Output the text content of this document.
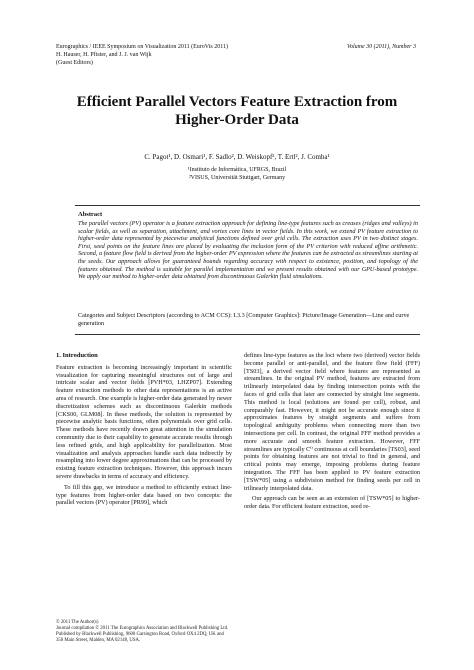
Eurographics / IEEE Symposium on Visualization 2011 (EuroVis 2011)
H. Hauser, H. Pfister, and J. J. van Wijk
(Guest Editors)
Volume 30 (2011), Number 3
Efficient Parallel Vectors Feature Extraction from
Higher-Order Data
C. Pagot¹, D. Osmari¹, F. Sadlo², D. Weiskopf², T. Ertl², J. Comba¹
¹Instituto de Informática, UFRGS, Brazil
²VISUS, Universität Stuttgart, Germany
Abstract
The parallel vectors (PV) operator is a feature extraction approach for defining line-type features such as creases (ridges and valleys) in scalar fields, as well as separation, attachment, and vortex core lines in vector fields. In this work, we extend PV feature extraction to higher-order data represented by piecewise analytical functions defined over grid cells. The extraction uses PV in two distinct stages. First, seed points on the feature lines are placed by evaluating the inclusion form of the PV criterion with reduced affine arithmetic. Second, a feature flow field is derived from the higher-order PV expression where the features can be extracted as streamlines starting at the seeds. Our approach allows for guaranteed bounds regarding accuracy with respect to existence, position, and topology of the features obtained. The method is suitable for parallel implementation and we present results obtained with our GPU-based prototype. We apply our method to higher-order data obtained from discontinuous Galerkin fluid simulations.
Categories and Subject Descriptors (according to ACM CCS): I.3.3 [Computer Graphics]: Picture/Image Generation—Line and curve generation
1. Introduction

Feature extraction is becoming increasingly important in scientific visualization for capturing meaningful structures out of large and intricate scalar and vector fields [PVH*03, LHZP07]. Extending feature extraction methods to other data representations is an active area of research. One example is higher-order data generated by newer discretization schemes such as discontinuous Galerkin methods [CKS00, GLM08]. In these methods, the solution is represented by piecewise analytic basis functions, often polynomials over grid cells. These methods have recently drawn great attention in the simulation community due to their capability to generate accurate results through less refined grids, and high applicability for parallelization. Most visualization and analysis approaches handle such data indirectly by resampling into lower degree approximations that can be processed by existing feature extraction techniques. However, this approach incurs severe drawbacks in terms of accuracy and efficiency.

To fill this gap, we introduce a method to efficiently extract line-type features from higher-order data based on two concepts: the parallel vectors (PV) operator [PR99], which

defines line-type features as the loci where two (derived) vector fields become parallel or anti-parallel, and the feature flow field (FFF) [TS03], a derived vector field where features are represented as streamlines. In the original PV method, features are extracted from trilinearly interpolated data by finding intersection points with the faces of grid cells that later are connected by straight line segments. This method is local (solutions are found per cell), robust, and comparably fast. However, it might not be accurate enough since it approximates features by straight segments and suffers from topological ambiguity problems when connecting more than two intersections per cell. In contrast, the original FFF method provides a more accurate and smooth feature extraction. However, FFF streamlines are typically C⁰ continuous at cell boundaries [TS03], seed points for obtaining features are not trivial to find in general, and critical points may emerge, imposing problems during feature integration. The FFF has been applied to PV feature extraction [TSW*05] using a subdivision method for finding seeds per cell in trilinearly interpolated data.

Our approach can be seen as an extension of [TSW*05] to higher-order data. For efficient feature extraction, seed re-

© 2011 The Author(s)
Journal compilation © 2011 The Eurographics Association and Blackwell Publishing Ltd.
Published by Blackwell Publishing, 9600 Garsington Road, Oxford OX4 2DQ, UK and
350 Main Street, Malden, MA 02148, USA.
